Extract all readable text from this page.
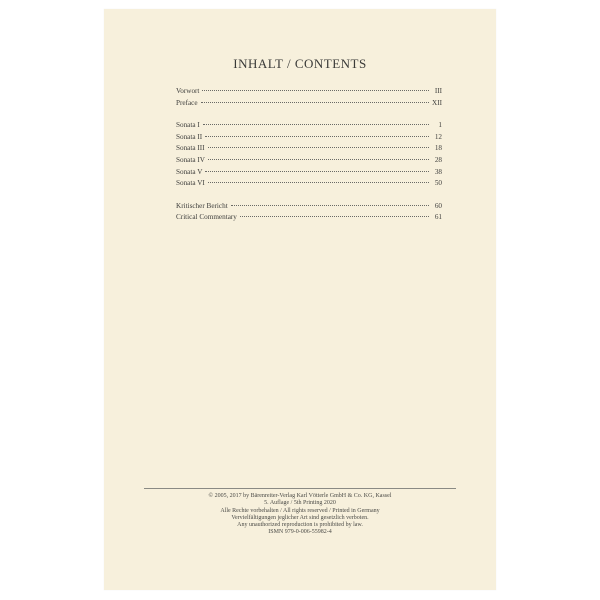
INHALT / CONTENTS
Vorwort	III
Preface	XII
Sonata I	1
Sonata II	12
Sonata III	18
Sonata IV	28
Sonata V	38
Sonata VI	50
Kritischer Bericht	60
Critical Commentary	61
© 2005, 2017 by Bärenreiter-Verlag Karl Vötterle GmbH & Co. KG, Kassel
5. Auflage / 5th Printing 2020
Alle Rechte vorbehalten / All rights reserved / Printed in Germany
Vervielfältigungen jeglicher Art sind gesetzlich verboten.
Any unauthorized reproduction is prohibited by law.
ISMN 979-0-006-55982-4
